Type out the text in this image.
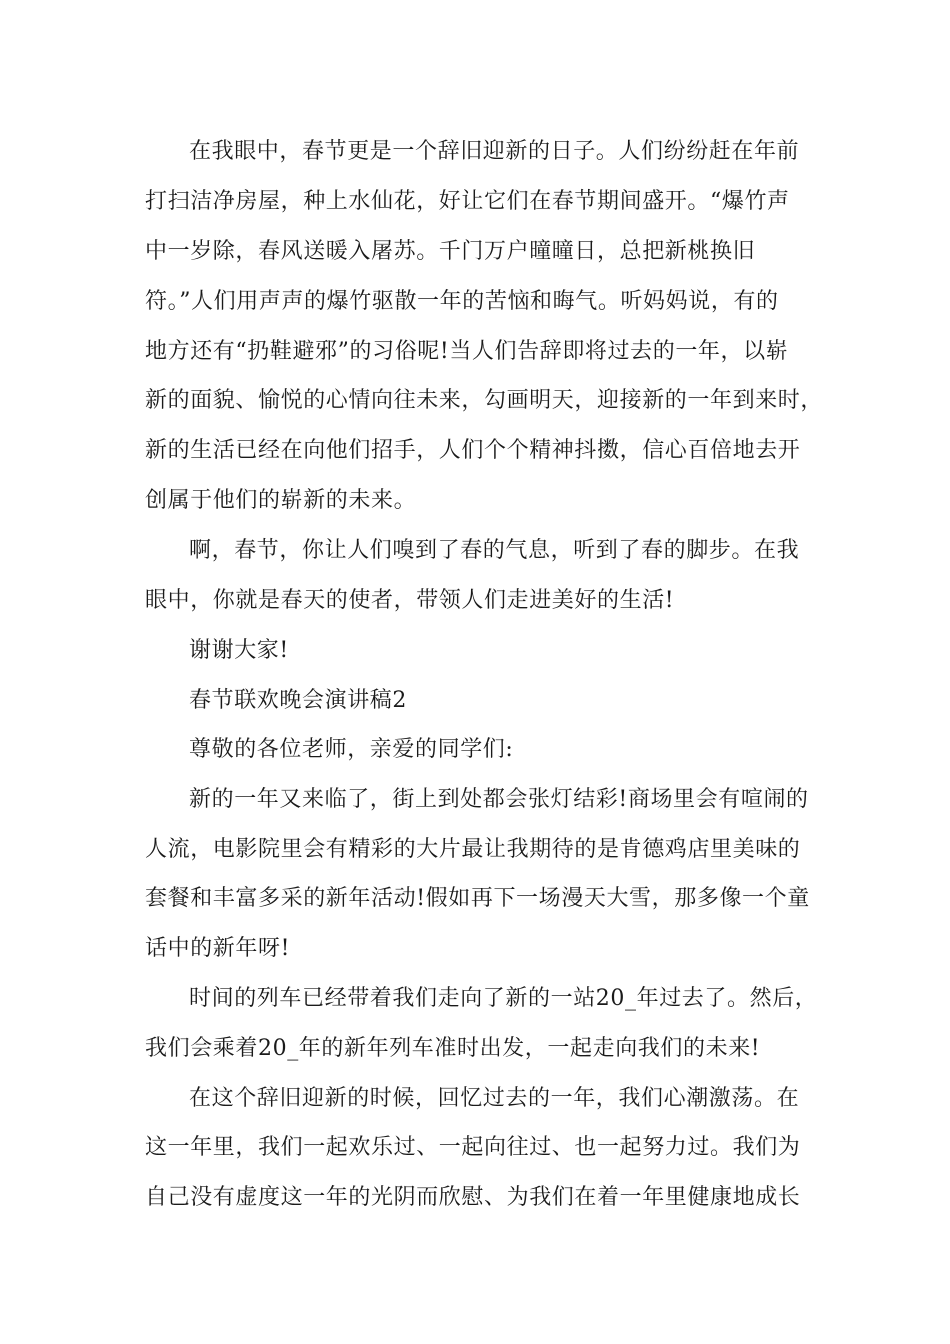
在我眼中，春节更是一个辞旧迎新的日子。人们纷纷赶在年前
打扫洁净房屋，种上水仙花，好让它们在春节期间盛开。“爆竹声
中一岁除，春风送暖入屠苏。千门万户曈曈日，总把新桃换旧
符。”人们用声声的爆竹驱散一年的苦恼和晦气。听妈妈说，有的
地方还有“扔鞋避邪”的习俗呢!当人们告辞即将过去的一年，以崭
新的面貌、愉悦的心情向往未来，勾画明天，迎接新的一年到来时，
新的生活已经在向他们招手，人们个个精神抖擞，信心百倍地去开
创属于他们的崭新的未来。
啊，春节，你让人们嗅到了春的气息，听到了春的脚步。在我
眼中，你就是春天的使者，带领人们走进美好的生活!
谢谢大家!
春节联欢晚会演讲稿2
尊敬的各位老师，亲爱的同学们:
新的一年又来临了，街上到处都会张灯结彩!商场里会有喧闹的
人流，电影院里会有精彩的大片最让我期待的是肯德鸡店里美味的
套餐和丰富多采的新年活动!假如再下一场漫天大雪，那多像一个童
话中的新年呀!
时间的列车已经带着我们走向了新的一站20_年过去了。然后，
我们会乘着20_年的新年列车准时出发，一起走向我们的未来!
在这个辞旧迎新的时候，回忆过去的一年，我们心潮激荡。在
这一年里，我们一起欢乐过、一起向往过、也一起努力过。我们为
自己没有虚度这一年的光阴而欣慰、为我们在着一年里健康地成长
